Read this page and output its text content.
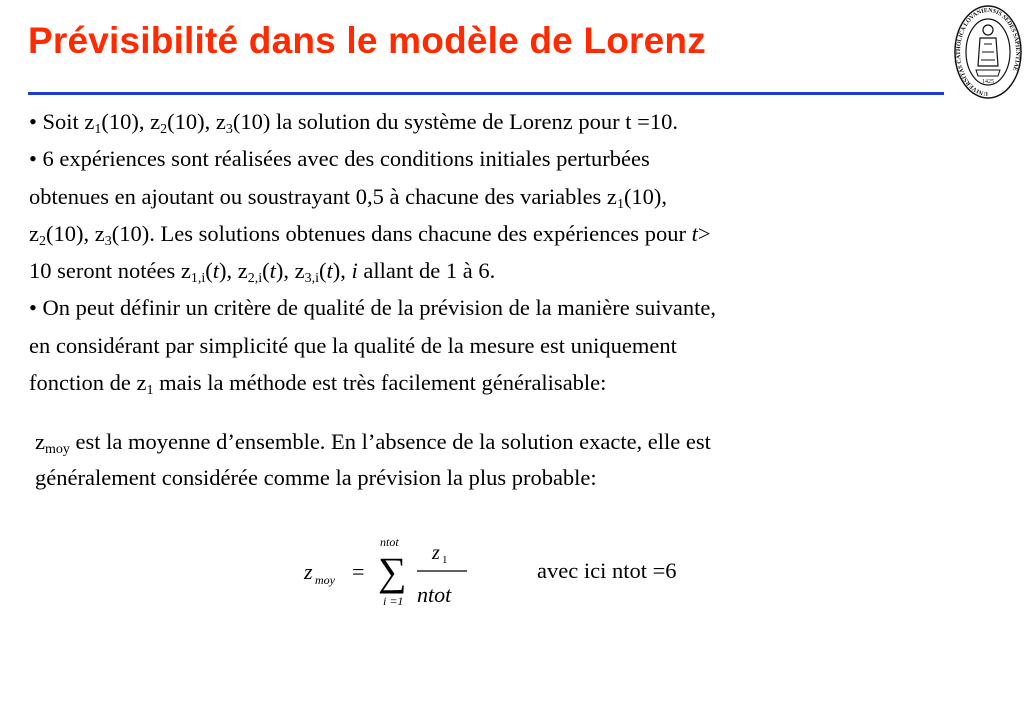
Prévisibilité dans le modèle de Lorenz
UNIVERSITAS CATHOLICA LOVANIENSIS SEDES SAPIENTIAE
1425

• Soit $z_1(10)$, $z_2(10)$, $z_3(10)$ la solution du système de Lorenz pour t =10.

• 6 expériences sont réalisées avec des conditions initiales perturbées
obtenues en ajoutant ou soustrayant 0,5 à chacune des variables $z_1(10)$,
$z_2(10)$, $z_3(10)$. Les solutions obtenues dans chacune des expériences pour t>
10 seront notées $z_{1,i}(t)$, $z_{2,i}(t)$, $z_{3,i}(t)$, i allant de 1 à 6.

• On peut définir un critère de qualité de la prévision de la manière suivante,
en considérant par simplicité que la qualité de la mesure est uniquement
fonction de $z_1$ mais la méthode est très facilement généralisable:

$z_{moy}$ est la moyenne d’ensemble. En l’absence de la solution exacte, elle est
généralement considérée comme la prévision la plus probable:

z moy =
ntot
∑
i =1
z 1
ntot
avec ici ntot =6
